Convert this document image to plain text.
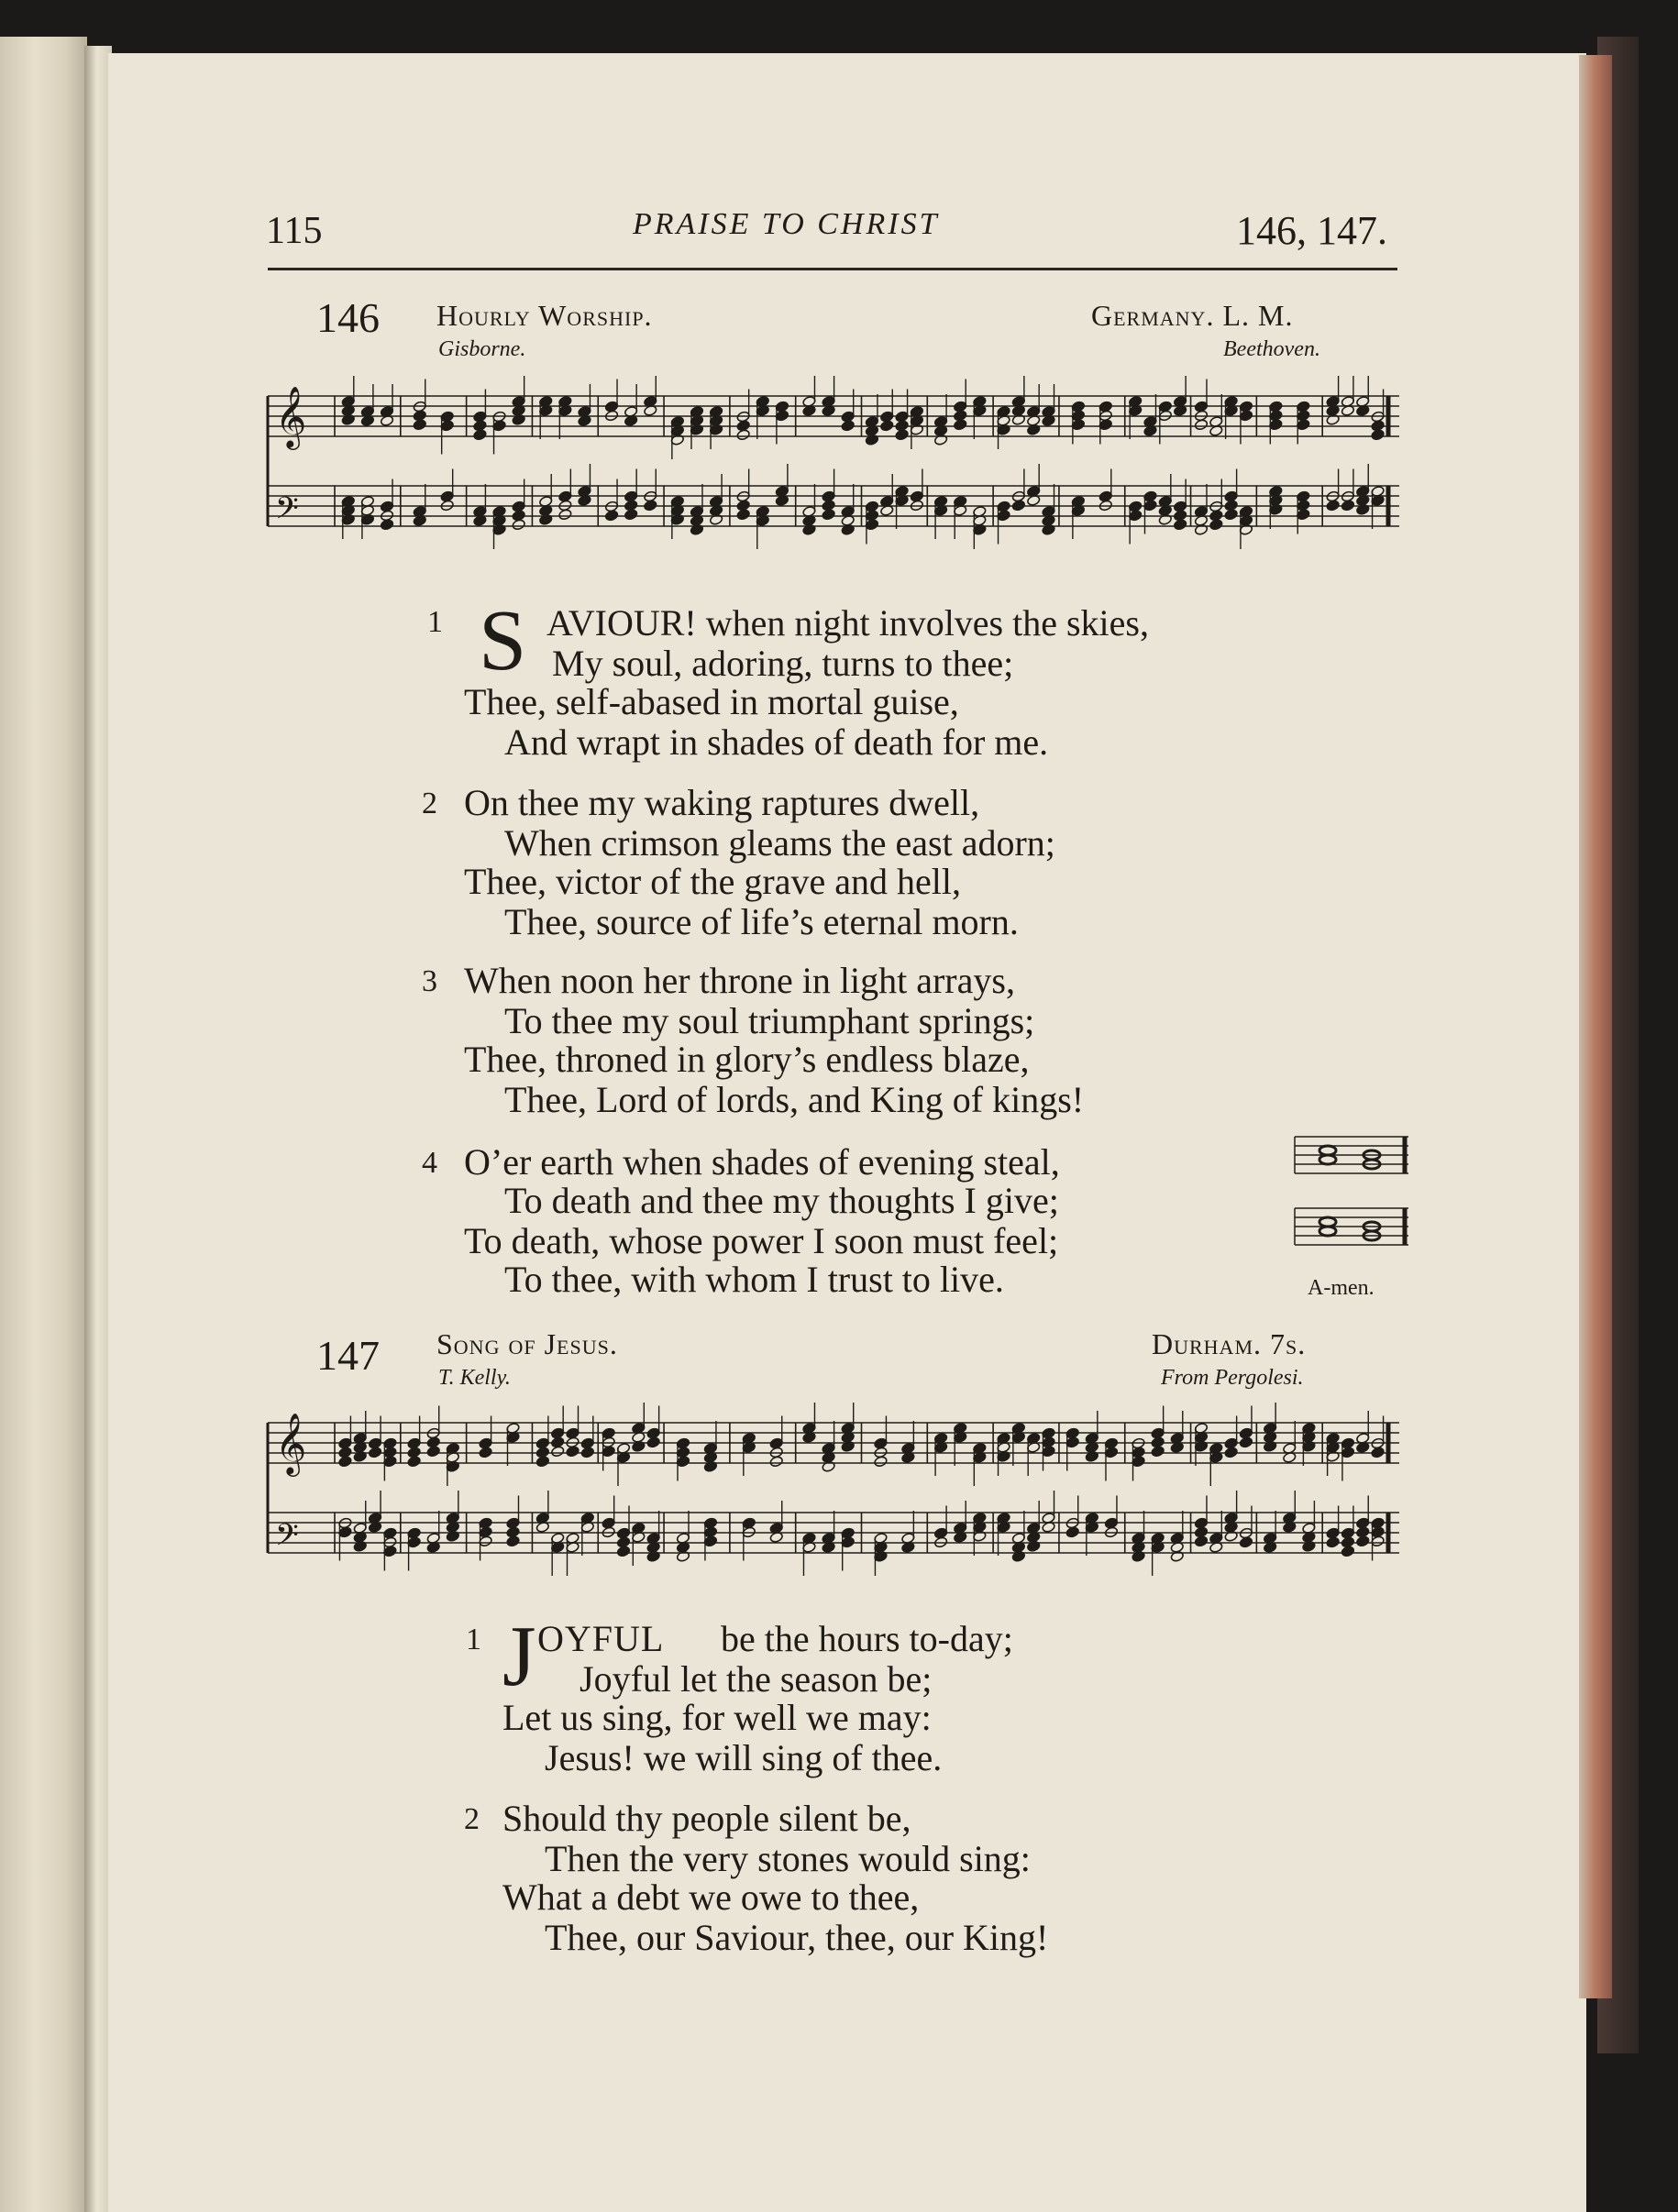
115	PRAISE TO CHRIST	146, 147.
146 Hourly Worship.	Germany. L. M.
Gisborne.	Beethoven.
𝄞
𝄢
1 S AVIOUR! when night involves the skies,
My soul, adoring, turns to thee;
Thee, self-abased in mortal guise,
And wrapt in shades of death for me.
2 On thee my waking raptures dwell,
When crimson gleams the east adorn;
Thee, victor of the grave and hell,
Thee, source of life’s eternal morn.
3 When noon her throne in light arrays,
To thee my soul triumphant springs;
Thee, throned in glory’s endless blaze,
Thee, Lord of lords, and King of kings!
4 O’er earth when shades of evening steal,
To death and thee my thoughts I give;
To death, whose power I soon must feel;
To thee, with whom I trust to live.	A-men.
147 Song of Jesus.	Durham. 7s.
T. Kelly.	From Pergolesi.
𝄞
𝄢
1 J OYFUL be the hours to-day;
Joyful let the season be;
Let us sing, for well we may:
Jesus! we will sing of thee.
2 Should thy people silent be,
Then the very stones would sing:
What a debt we owe to thee,
Thee, our Saviour, thee, our King!
